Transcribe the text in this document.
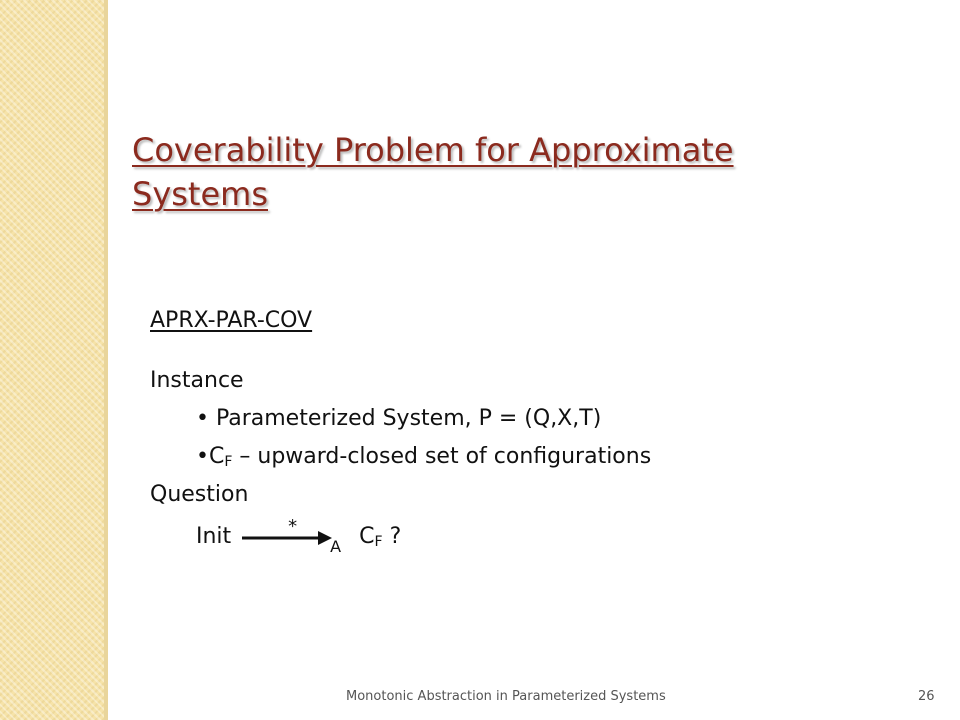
Coverability Problem for Approximate Systems
APRX-PAR-COV
Instance
• Parameterized System, P = (Q,X,T)
$•C_F$ – upward-closed set of configurations
Question
Init	*
A $C_F$ ?
Monotonic Abstraction in Parameterized Systems	26
